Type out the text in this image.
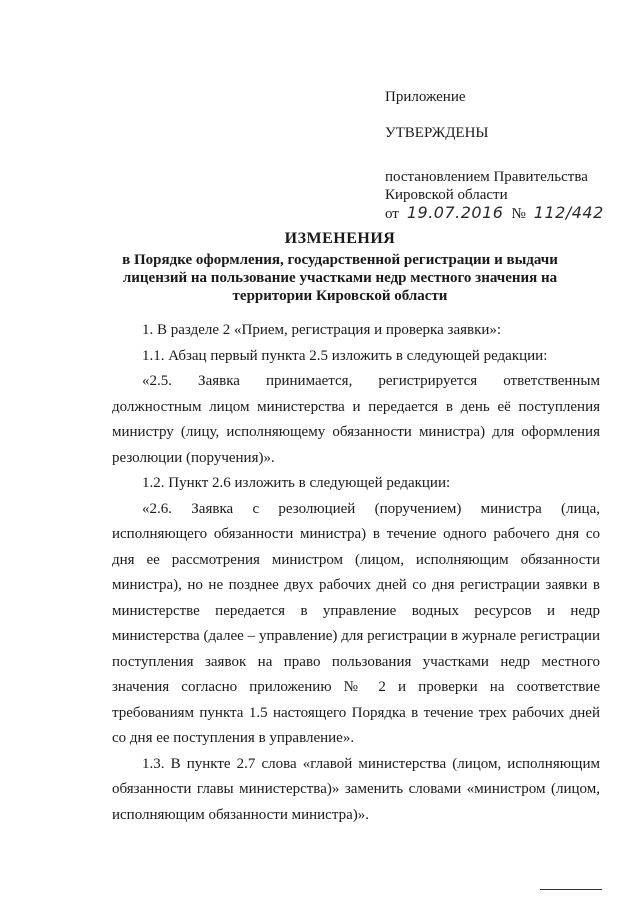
Приложение
УТВЕРЖДЕНЫ
постановлением Правительства
Кировской области
от 19.07.2016 № 112/442
ИЗМЕНЕНИЯ
в Порядке оформления, государственной регистрации и выдачи
лицензий на пользование участками недр местного значения на
территории Кировской области

1. В разделе 2 «Прием, регистрация и проверка заявки»:

1.1. Абзац первый пункта 2.5 изложить в следующей редакции:

«2.5. Заявка принимается, регистрируется ответственным должностным лицом министерства и передается в день её поступления министру (лицу, исполняющему обязанности министра) для оформления резолюции (поручения)».

1.2. Пункт 2.6 изложить в следующей редакции:

«2.6. Заявка с резолюцией (поручением) министра (лица, исполняющего обязанности министра) в течение одного рабочего дня со дня ее рассмотрения министром (лицом, исполняющим обязанности министра), но не позднее двух рабочих дней со дня регистрации заявки в министерстве передается в управление водных ресурсов и недр министерства (далее – управление) для регистрации в журнале регистрации поступления заявок на право пользования участками недр местного значения согласно приложению № 2 и проверки на соответствие требованиям пункта 1.5 настоящего Порядка в течение трех рабочих дней со дня ее поступления в управление».

1.3. В пункте 2.7 слова «главой министерства (лицом, исполняющим обязанности главы министерства)» заменить словами «министром (лицом, исполняющим обязанности министра)».
